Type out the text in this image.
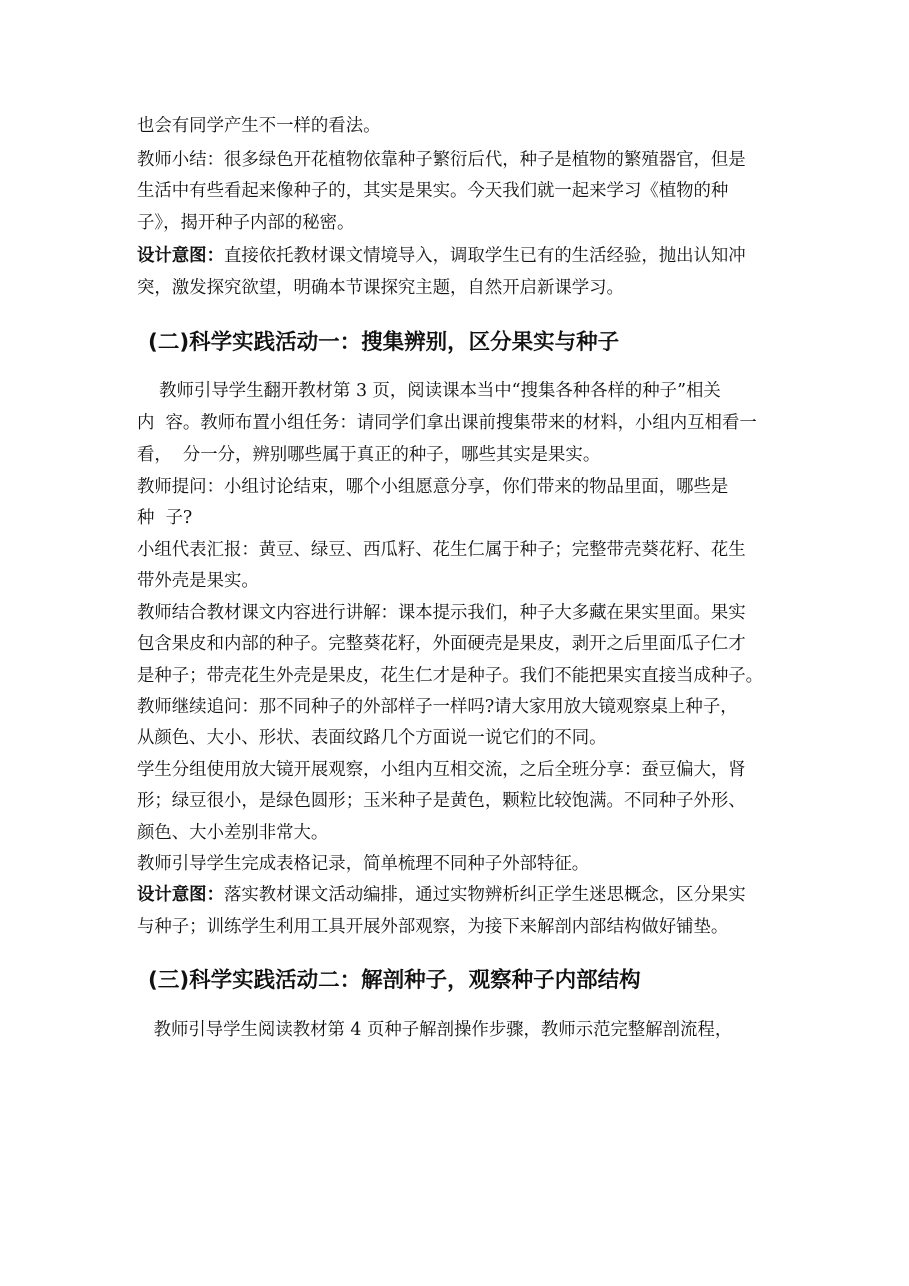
也会有同学产生不一样的看法。

教师小结：很多绿色开花植物依靠种子繁衍后代，种子是植物的繁殖器官，但是

生活中有些看起来像种子的，其实是果实。今天我们就一起来学习《植物的种

子》，揭开种子内部的秘密。

设计意图：直接依托教材课文情境导入，调取学生已有的生活经验，抛出认知冲

突，激发探究欲望，明确本节课探究主题，自然开启新课学习。

(二)科学实践活动一：搜集辨别，区分果实与种子

教师引导学生翻开教材第 3 页，阅读课本当中“搜集各种各样的种子”相关

内  容。教师布置小组任务：请同学们拿出课前搜集带来的材料，小组内互相看一

看，  分一分，辨别哪些属于真正的种子，哪些其实是果实。

教师提问：小组讨论结束，哪个小组愿意分享，你们带来的物品里面，哪些是

种  子?

小组代表汇报：黄豆、绿豆、西瓜籽、花生仁属于种子；完整带壳葵花籽、花生

带外壳是果实。

教师结合教材课文内容进行讲解：课本提示我们，种子大多藏在果实里面。果实

包含果皮和内部的种子。完整葵花籽，外面硬壳是果皮，剥开之后里面瓜子仁才

是种子；带壳花生外壳是果皮，花生仁才是种子。我们不能把果实直接当成种子。

教师继续追问：那不同种子的外部样子一样吗?请大家用放大镜观察桌上种子，

从颜色、大小、形状、表面纹路几个方面说一说它们的不同。

学生分组使用放大镜开展观察，小组内互相交流，之后全班分享：蚕豆偏大，肾

形；绿豆很小，是绿色圆形；玉米种子是黄色，颗粒比较饱满。不同种子外形、

颜色、大小差别非常大。

教师引导学生完成表格记录，简单梳理不同种子外部特征。

设计意图：落实教材课文活动编排，通过实物辨析纠正学生迷思概念，区分果实

与种子；训练学生利用工具开展外部观察，为接下来解剖内部结构做好铺垫。

(三)科学实践活动二：解剖种子，观察种子内部结构

教师引导学生阅读教材第 4 页种子解剖操作步骤，教师示范完整解剖流程，
